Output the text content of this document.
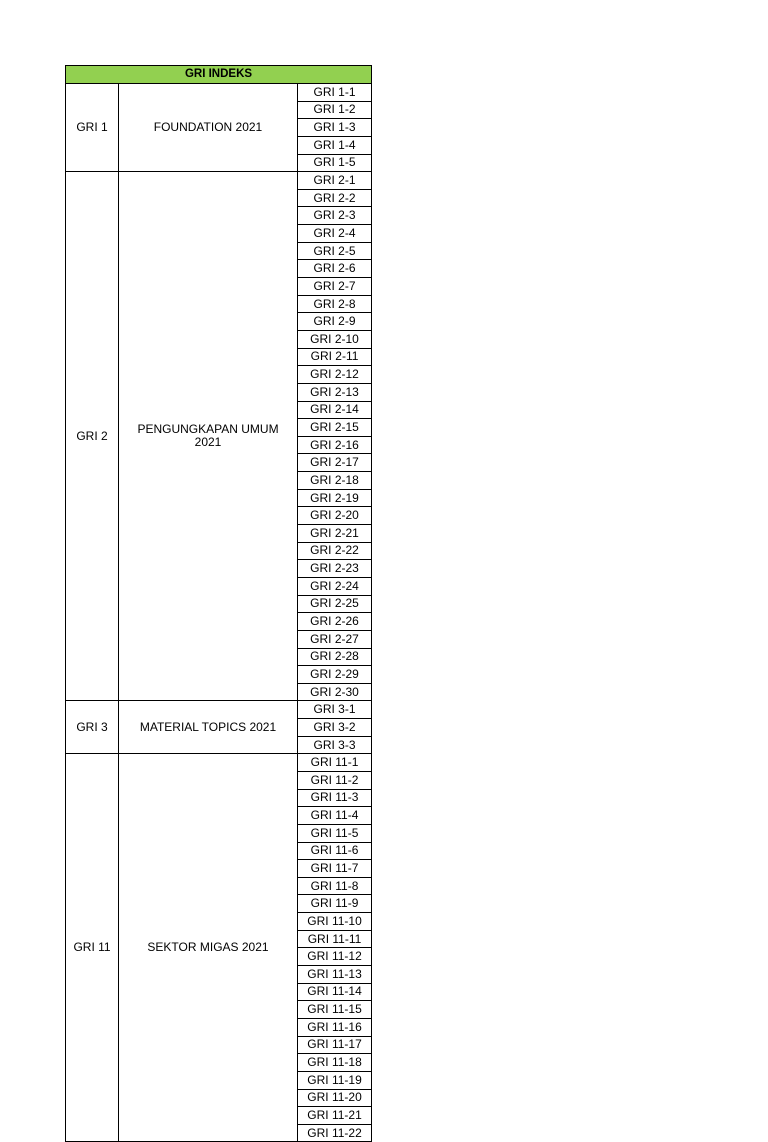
GRI INDEKS		
GRI 1	FOUNDATION 2021	GRI 1-1
		GRI 1-2
		GRI 1-3
		GRI 1-4
		GRI 1-5
GRI 2	PENGUNGKAPAN UMUM 2021	GRI 2-1
		GRI 2-2
		GRI 2-3
		GRI 2-4
		GRI 2-5
		GRI 2-6
		GRI 2-7
		GRI 2-8
		GRI 2-9
		GRI 2-10
		GRI 2-11
		GRI 2-12
		GRI 2-13
		GRI 2-14
		GRI 2-15
		GRI 2-16
		GRI 2-17
		GRI 2-18
		GRI 2-19
		GRI 2-20
		GRI 2-21
		GRI 2-22
		GRI 2-23
		GRI 2-24
		GRI 2-25
		GRI 2-26
		GRI 2-27
		GRI 2-28
		GRI 2-29
		GRI 2-30
GRI 3	MATERIAL TOPICS 2021	GRI 3-1
		GRI 3-2
		GRI 3-3
GRI 11	SEKTOR MIGAS 2021	GRI 11-1
		GRI 11-2
		GRI 11-3
		GRI 11-4
		GRI 11-5
		GRI 11-6
		GRI 11-7
		GRI 11-8
		GRI 11-9
		GRI 11-10
		GRI 11-11
		GRI 11-12
		GRI 11-13
		GRI 11-14
		GRI 11-15
		GRI 11-16
		GRI 11-17
		GRI 11-18
		GRI 11-19
		GRI 11-20
		GRI 11-21
		GRI 11-22
